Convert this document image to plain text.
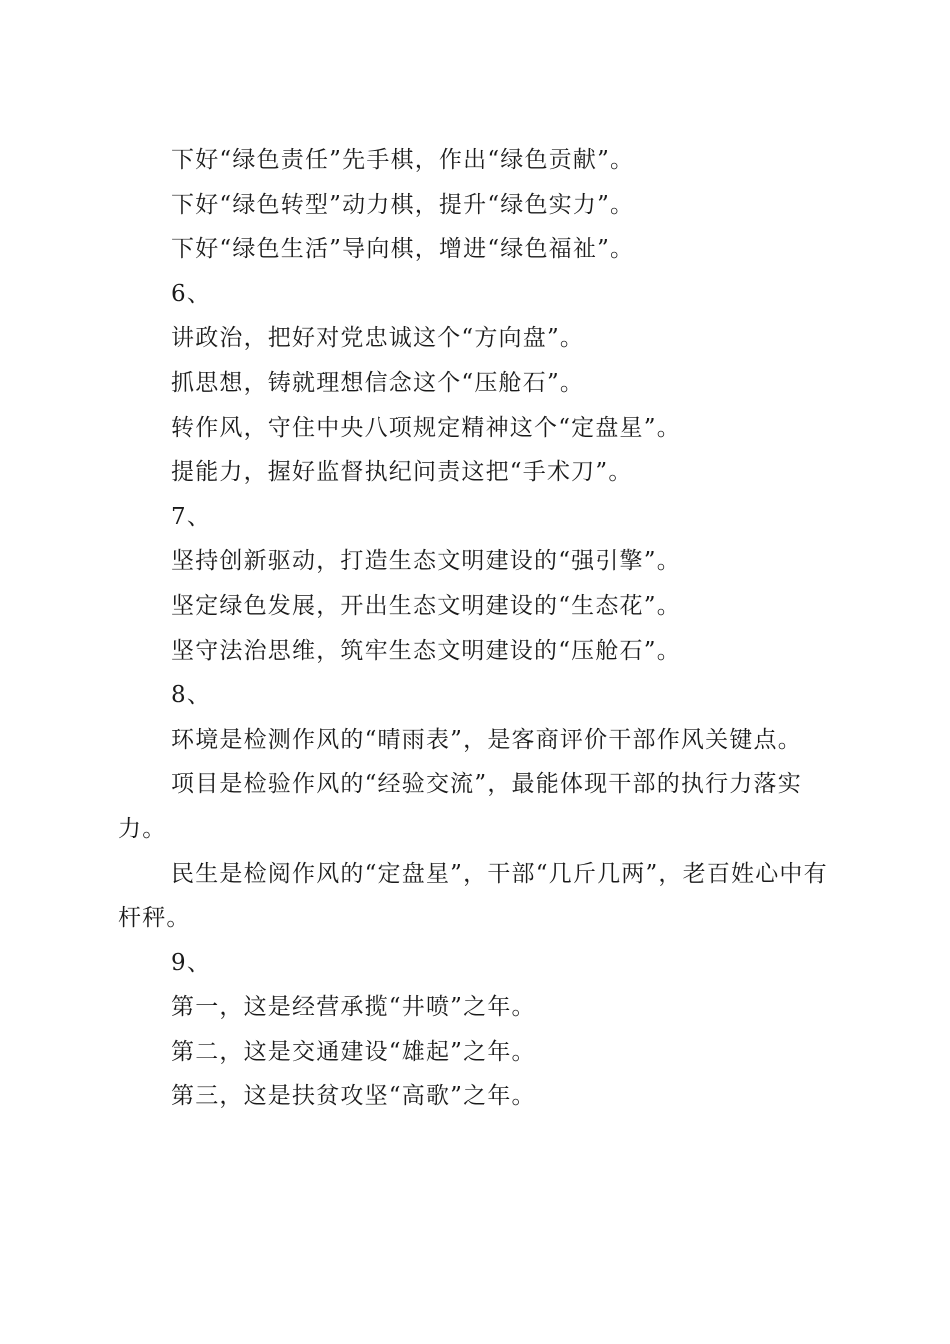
下好“绿色责任”先手棋，作出“绿色贡献”。

下好“绿色转型”动力棋，提升“绿色实力”。

下好“绿色生活”导向棋，增进“绿色福祉”。

6、

讲政治，把好对党忠诚这个“方向盘”。

抓思想，铸就理想信念这个“压舱石”。

转作风，守住中央八项规定精神这个“定盘星”。

提能力，握好监督执纪问责这把“手术刀”。

7、

坚持创新驱动，打造生态文明建设的“强引擎”。

坚定绿色发展，开出生态文明建设的“生态花”。

坚守法治思维，筑牢生态文明建设的“压舱石”。

8、

环境是检测作风的“晴雨表”，是客商评价干部作风关键点。

项目是检验作风的“经验交流”，最能体现干部的执行力落实力。

民生是检阅作风的“定盘星”，干部“几斤几两”，老百姓心中有杆秤。

9、

第一，这是经营承揽“井喷”之年。

第二，这是交通建设“雄起”之年。

第三，这是扶贫攻坚“高歌”之年。
